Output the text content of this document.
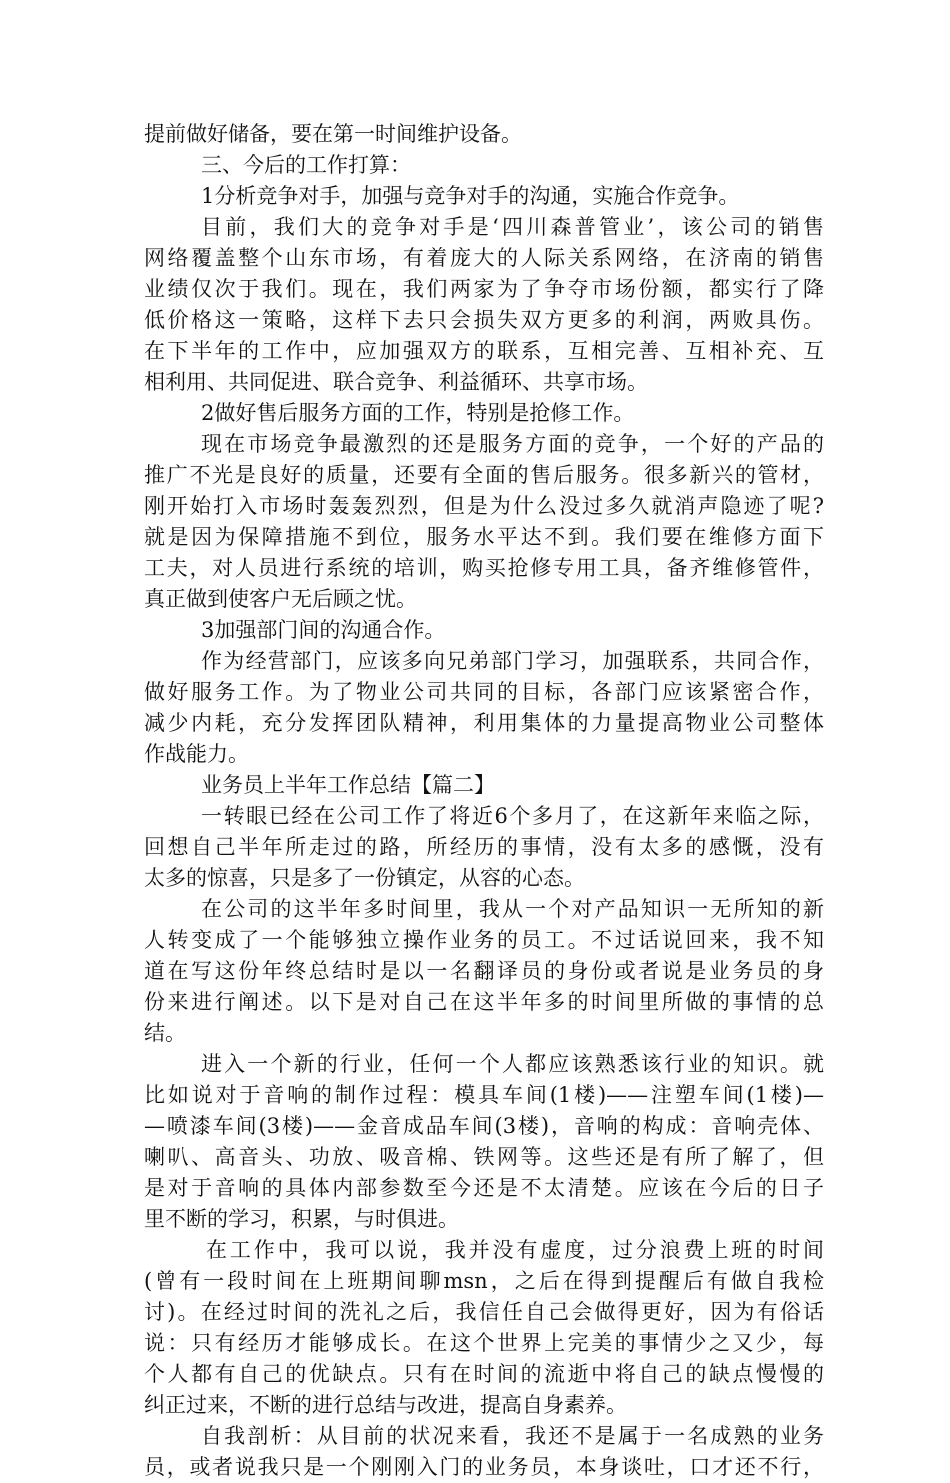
提前做好储备，要在第一时间维护设备。
三、今后的工作打算：
1分析竞争对手，加强与竞争对手的沟通，实施合作竞争。
目前，我们大的竞争对手是‘四川森普管业’，该公司的销售
网络覆盖整个山东市场，有着庞大的人际关系网络，在济南的销售
业绩仅次于我们。现在，我们两家为了争夺市场份额，都实行了降
低价格这一策略，这样下去只会损失双方更多的利润，两败具伤。
在下半年的工作中，应加强双方的联系，互相完善、互相补充、互
相利用、共同促进、联合竞争、利益循环、共享市场。
2做好售后服务方面的工作，特别是抢修工作。
现在市场竞争最激烈的还是服务方面的竞争，一个好的产品的
推广不光是良好的质量，还要有全面的售后服务。很多新兴的管材，
刚开始打入市场时轰轰烈烈，但是为什么没过多久就消声隐迹了呢?
就是因为保障措施不到位，服务水平达不到。我们要在维修方面下
工夫，对人员进行系统的培训，购买抢修专用工具，备齐维修管件，
真正做到使客户无后顾之忧。
3加强部门间的沟通合作。
作为经营部门，应该多向兄弟部门学习，加强联系，共同合作，
做好服务工作。为了物业公司共同的目标，各部门应该紧密合作，
减少内耗，充分发挥团队精神，利用集体的力量提高物业公司整体
作战能力。
业务员上半年工作总结【篇二】
一转眼已经在公司工作了将近6个多月了，在这新年来临之际，
回想自己半年所走过的路，所经历的事情，没有太多的感慨，没有
太多的惊喜，只是多了一份镇定，从容的心态。
在公司的这半年多时间里，我从一个对产品知识一无所知的新
人转变成了一个能够独立操作业务的员工。不过话说回来，我不知
道在写这份年终总结时是以一名翻译员的身份或者说是业务员的身
份来进行阐述。以下是对自己在这半年多的时间里所做的事情的总
结。
进入一个新的行业，任何一个人都应该熟悉该行业的知识。就
比如说对于音响的制作过程：模具车间(1楼)——注塑车间(1楼)—
—喷漆车间(3楼)——金音成品车间(3楼)，音响的构成：音响壳体、
喇叭、高音头、功放、吸音棉、铁网等。这些还是有所了解了，但
是对于音响的具体内部参数至今还是不太清楚。应该在今后的日子
里不断的学习，积累，与时俱进。
在工作中，我可以说，我并没有虚度，过分浪费上班的时间
(曾有一段时间在上班期间聊msn，之后在得到提醒后有做自我检
讨)。在经过时间的洗礼之后，我信任自己会做得更好，因为有俗话
说：只有经历才能够成长。在这个世界上完美的事情少之又少，每
个人都有自己的优缺点。只有在时间的流逝中将自己的缺点慢慢的
纠正过来，不断的进行总结与改进，提高自身素养。
自我剖析：从目前的状况来看，我还不是属于一名成熟的业务
员，或者说我只是一个刚刚入门的业务员，本身谈吐，口才还不行，
